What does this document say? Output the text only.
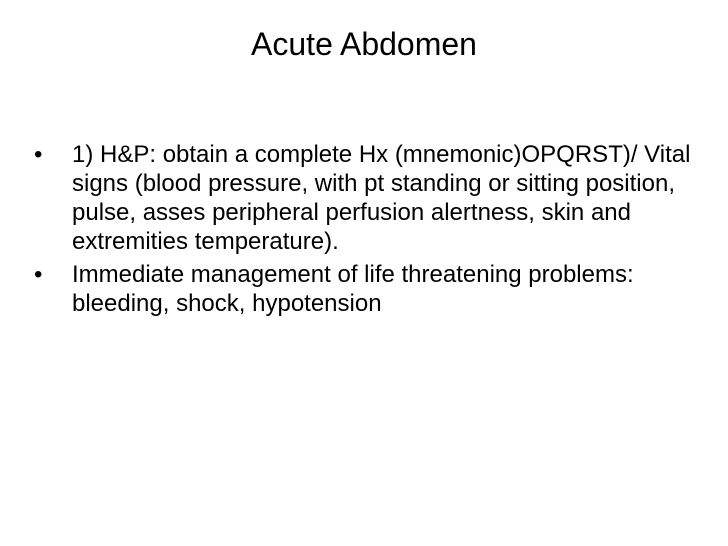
Acute Abdomen
•	1) H&P: obtain a complete Hx (mnemonic)OPQRST)/ Vital signs (blood pressure, with pt standing or sitting position, pulse, asses peripheral perfusion alertness, skin and extremities temperature).
•	Immediate management of life threatening problems: bleeding, shock, hypotension
